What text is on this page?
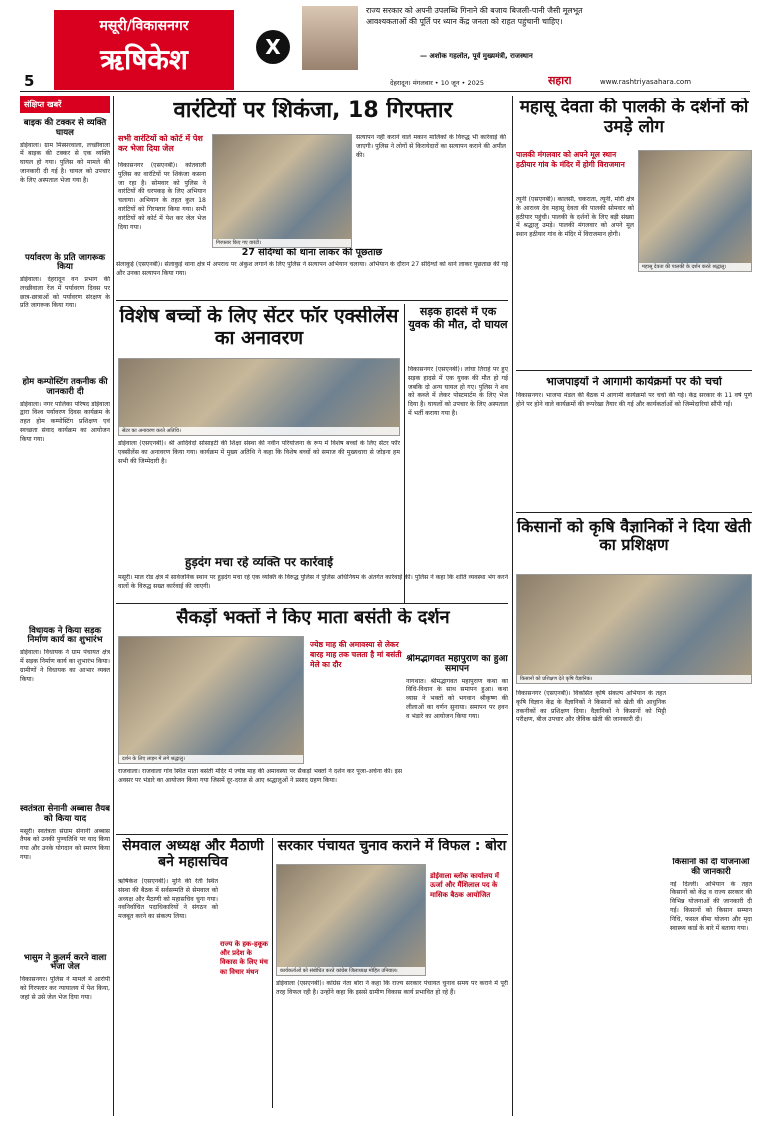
5
मसूरी/विकासनगर
ऋषिकेश	X
राज्य सरकार को अपनी उपलब्धि गिनाने की बजाय बिजली-पानी जैसी मूलभूत आवश्यकताओं की पूर्ति पर ध्यान केंद्र जनता को राहत पहुंचानी चाहिए।
— अशोक गहलोत, पूर्व मुख्यमंत्री, राजस्थान
देहरादून। मंगलवार • 10 जून • 2025	सहारा	www.rashtriyasahara.com
संक्षिप्त खबरें
बाइक की टक्कर से व्यक्ति घायल
डोईवाला। ग्राम मिस्सरवाला, लच्छीवाला में बाइक की टक्कर से एक व्यक्ति घायल हो गया। पुलिस को मामले की जानकारी दी गई है। घायल को उपचार के लिए अस्पताल भेजा गया है।
पर्यावरण के प्रति जागरूक किया
डोईवाला। देहरादून वन प्रभाग की लच्छीवाला रेंज में पर्यावरण दिवस पर छात्र-छात्राओं को पर्यावरण संरक्षण के प्रति जागरूक किया गया।
होम कम्पोस्टिंग तकनीक की जानकारी दी
डोईवाला। नगर पालिका परिषद डोईवाला द्वारा विश्व पर्यावरण दिवस कार्यक्रम के तहत होम कम्पोस्टिंग प्रशिक्षण एवं स्वच्छता संवाद कार्यक्रम का आयोजन किया गया।
विधायक ने किया सड़क निर्माण कार्य का शुभारंभ
डोईवाला। विधायक ने ग्राम पंचायत क्षेत्र में सड़क निर्माण कार्य का शुभारंभ किया। ग्रामीणों ने विधायक का आभार व्यक्त किया।
स्वतंत्रता सेनानी अब्बास तैयब को किया याद
मसूरी। स्वतंत्रता संग्राम सेनानी अब्बास तैयब को उनकी पुण्यतिथि पर याद किया गया और उनके योगदान को स्मरण किया गया।
भासुम ने कुलर्म करने वाला भेजा जेल
विकासनगर। पुलिस ने मामले में आरोपी को गिरफ्तार कर न्यायालय में पेश किया, जहां से उसे जेल भेज दिया गया।
वारंटियों पर शिकंजा, 18 गिरफ्तार
सभी वारंटियों को कोर्ट में पेश कर भेजा दिया जेल
विकासनगर (एसएनबी)। कोतवाली पुलिस का वारंटियों पर शिकंजा कसना जा रहा है। सोमवार को पुलिस ने वारंटियों की धरपकड़ के लिए अभियान चलाया। अभियान के तहत कुल 18 वारंटियों को गिरफ्तार किया गया। सभी वारंटियों को कोर्ट में पेश कर जेल भेज दिया गया।
गिरफ्तार किए गए वारंटी।
सत्यापन नहीं कराने वाले मकान मालिकों के विरुद्ध भी कार्रवाई की जाएगी। पुलिस ने लोगों से किरायेदारों का सत्यापन कराने की अपील की।
27 संदिग्धों को थाना लाकर की पूछताछ
सेलाकुई (एसएनबी)। सेलाकुई थाना क्षेत्र में अपराध पर अंकुश लगाने के लिए पुलिस ने सत्यापन अभियान चलाया। अभियान के दौरान 27 संदिग्धों को थाने लाकर पूछताछ की गई और उनका सत्यापन किया गया।
विशेष बच्चों के लिए सेंटर फॉर एक्सीलेंस का अनावरण
सेंटर का अनावरण करते अतिथि।
डोईवाला (एसएनबी)। श्री आदिवेदो सोसाइटी की शिक्षा संस्था की नवीन परियोजना के रूप में विशेष बच्चों के लिए सेंटर फॉर एक्सीलेंस का अनावरण किया गया। कार्यक्रम में मुख्य अतिथि ने कहा कि विशेष बच्चों को समाज की मुख्यधारा से जोड़ना हम सभी की जिम्मेदारी है।
सड़क हादसे में एक युवक की मौत, दो घायल
विकासनगर (एसएनबी)। लांघा तिराहे पर हुए सड़क हादसे में एक युवक की मौत हो गई जबकि दो अन्य घायल हो गए। पुलिस ने शव को कब्जे में लेकर पोस्टमार्टम के लिए भेज दिया है। घायलों को उपचार के लिए अस्पताल में भर्ती कराया गया है।
हुड़दंग मचा रहे व्यक्ति पर कार्रवाई
मसूरी। माल रोड क्षेत्र में सार्वजनिक स्थान पर हुड़दंग मचा रहे एक व्यक्ति के विरुद्ध पुलिस ने पुलिस अधिनियम के अंतर्गत कार्रवाई की। पुलिस ने कहा कि शांति व्यवस्था भंग करने वालों के विरुद्ध सख्त कार्रवाई की जाएगी।
सैकड़ों भक्तों ने किए माता बसंती के दर्शन
दर्शन के लिए लाइन में लगे श्रद्धालु।
ज्येष्ठ माह की अमावस्या से लेकर बारह माह तक चलता है मां बसंती मेले का दौर
राजवाला। राजवाला गांव स्थित माता बसंती मंदिर में ज्येष्ठ माह की अमावस्या पर सैकड़ों भक्तों ने दर्शन कर पूजा-अर्चना की। इस अवसर पर भंडारे का आयोजन किया गया जिसमें दूर-दराज से आए श्रद्धालुओं ने प्रसाद ग्रहण किया।
श्रीमद्भागवत महापुराण का हुआ समापन
नागथात। श्रीमद्भागवत महापुराण कथा का विधि-विधान के साथ समापन हुआ। कथा व्यास ने भक्तों को भगवान श्रीकृष्ण की लीलाओं का वर्णन सुनाया। समापन पर हवन व भंडारे का आयोजन किया गया।
सेमवाल अध्यक्ष और मैठाणी बने महासचिव
ऋषिकेश (एसएनबी)। मुनि की रेती स्थित संस्था की बैठक में सर्वसम्मति से सेमवाल को अध्यक्ष और मैठाणी को महासचिव चुना गया। नवनिर्वाचित पदाधिकारियों ने संगठन को मजबूत करने का संकल्प लिया।
राज्य के हक-हकूक और प्रदेश के विकास के लिए मंच का विचार मंथन
सरकार पंचायत चुनाव कराने में विफल : बोरा
कार्यकर्ताओं को संबोधित करते कांग्रेस जिलाध्यक्ष मोहित उनियाल।
डोईवाला ब्लॉक कार्यालय में ऊर्जा और मैंशिलाल पद के मासिक बैठक आयोजित
डोईवाला (एसएनबी)। कांग्रेस नेता बोरा ने कहा कि राज्य सरकार पंचायत चुनाव समय पर कराने में पूरी तरह विफल रही है। उन्होंने कहा कि इससे ग्रामीण विकास कार्य प्रभावित हो रहे हैं।
महासू देवता की पालकी के दर्शनों को उमड़े लोग
पालकी मंगलवार को अपने मूल स्थान हठीयार गांव के मंदिर में होगी विराजमान
त्यूनी (एसएनबी)। कालसी, चकराता, त्यूनी, मोरी क्षेत्र के आराध्य देव महासू देवता की पालकी सोमवार को हठीयार पहुंची। पालकी के दर्शनों के लिए बड़ी संख्या में श्रद्धालु उमड़े। पालकी मंगलवार को अपने मूल स्थान हठीयार गांव के मंदिर में विराजमान होगी।
महासू देवता की पालकी के दर्शन करते श्रद्धालु।
भाजपाइयों ने आगामी कार्यक्रमों पर की चर्चा
विकासनगर। भाजपा मंडल की बैठक में आगामी कार्यक्रमों पर चर्चा की गई। केंद्र सरकार के 11 वर्ष पूर्ण होने पर होने वाले कार्यक्रमों की रूपरेखा तैयार की गई और कार्यकर्ताओं को जिम्मेदारियां सौंपी गईं।
किसानों को कृषि वैज्ञानिकों ने दिया खेती का प्रशिक्षण
किसानों को प्रशिक्षण देते कृषि वैज्ञानिक।
विकासनगर (एसएनबी)। विकसित कृषि संकल्प अभियान के तहत कृषि विज्ञान केंद्र के वैज्ञानिकों ने किसानों को खेती की आधुनिक तकनीकों का प्रशिक्षण दिया। वैज्ञानिकों ने किसानों को मिट्टी परीक्षण, बीज उपचार और जैविक खेती की जानकारी दी।
किसानों को दी योजनाओं की जानकारी
नई दिल्ली। अभियान के तहत किसानों को केंद्र व राज्य सरकार की विभिन्न योजनाओं की जानकारी दी गई। किसानों को किसान सम्मान निधि, फसल बीमा योजना और मृदा स्वास्थ्य कार्ड के बारे में बताया गया।
